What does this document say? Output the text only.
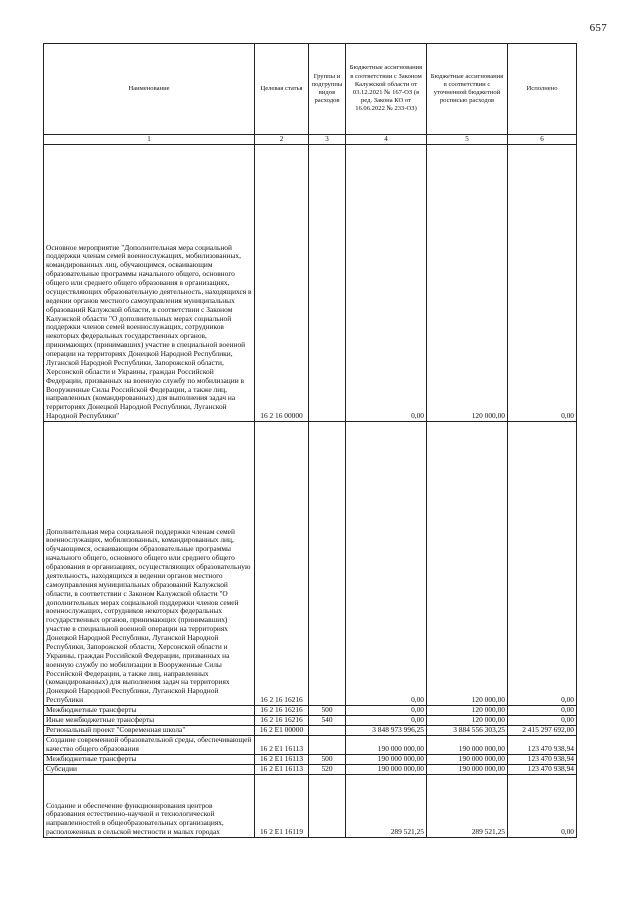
657
Наименование	Целевая статья	Группы и подгруппы видов расходов	Бюджетные ассигнования в соответствии с Законом Калужской области от 03.12.2021 № 167-ОЗ (в ред. Закона КО от 16.06.2022 № 233-ОЗ)	Бюджетные ассигнования в соответствии с уточненной бюджетной росписью расходов	Исполнено
1	2	3	4	5	6
Основное мероприятие "Дополнительная мера социальной поддержки членам семей военнослужащих, мобилизованных, командированных лиц, обучающимся, осваивающим образовательные программы начального общего, основного общего или среднего общего образования в организациях, осуществляющих образовательную деятельность, находящихся в ведении органов местного самоуправления муниципальных образований Калужской области, в соответствии с Законом Калужской области "О дополнительных мерах социальной поддержки членов семей военнослужащих, сотрудников некоторых федеральных государственных органов, принимающих (принимавших) участие в специальной военной операции на территориях Донецкой Народной Республики, Луганской Народной Республики, Запорожской области, Херсонской области и Украины, граждан Российской Федерации, призванных на военную службу по мобилизации в Вооруженные Силы Российской Федерации, а также лиц, направленных (командированных) для выполнения задач на территориях Донецкой Народной Республики, Луганской Народной Республики"	16 2 16 00000		0,00	120 000,00	0,00
Дополнительная мера социальной поддержки членам семей военнослужащих, мобилизованных, командированных лиц, обучающимся, осваивающим образовательные программы начального общего, основного общего или среднего общего образования в организациях, осуществляющих образовательную деятельность, находящихся в ведении органов местного самоуправления муниципальных образований Калужской области, в соответствии с Законом Калужской области "О дополнительных мерах социальной поддержки членов семей военнослужащих, сотрудников некоторых федеральных государственных органов, принимающих (принимавших) участие в специальной военной операции на территориях Донецкой Народной Республики, Луганской Народной Республики, Запорожской области, Херсонской области и Украины, граждан Российской Федерации, призванных на военную службу по мобилизации в Вооруженные Силы Российской Федерации, а также лиц, направленных (командированных) для выполнения задач на территориях Донецкой Народной Республики, Луганской Народной Республики	16 2 16 16216		0,00	120 000,00	0,00
Межбюджетные трансферты	16 2 16 16216	500	0,00	120 000,00	0,00
Иные межбюджетные трансферты	16 2 16 16216	540	0,00	120 000,00	0,00
Региональный проект "Современная школа"	16 2 E1 00000		3 848 973 996,25	3 884 556 303,25	2 415 297 692,00
Создание современной образовательной среды, обеспечивающей качество общего образования	16 2 E1 16113		190 000 000,00	190 000 000,00	123 470 938,94
Межбюджетные трансферты	16 2 E1 16113	500	190 000 000,00	190 000 000,00	123 470 938,94
Субсидии	16 2 E1 16113	520	190 000 000,00	190 000 000,00	123 470 938,94
Создание и обеспечение функционирования центров образования естественно-научной и технологической направленностей в общеобразовательных организациях, расположенных в сельской местности и малых городах	16 2 E1 16119		289 521,25	289 521,25	0,00
